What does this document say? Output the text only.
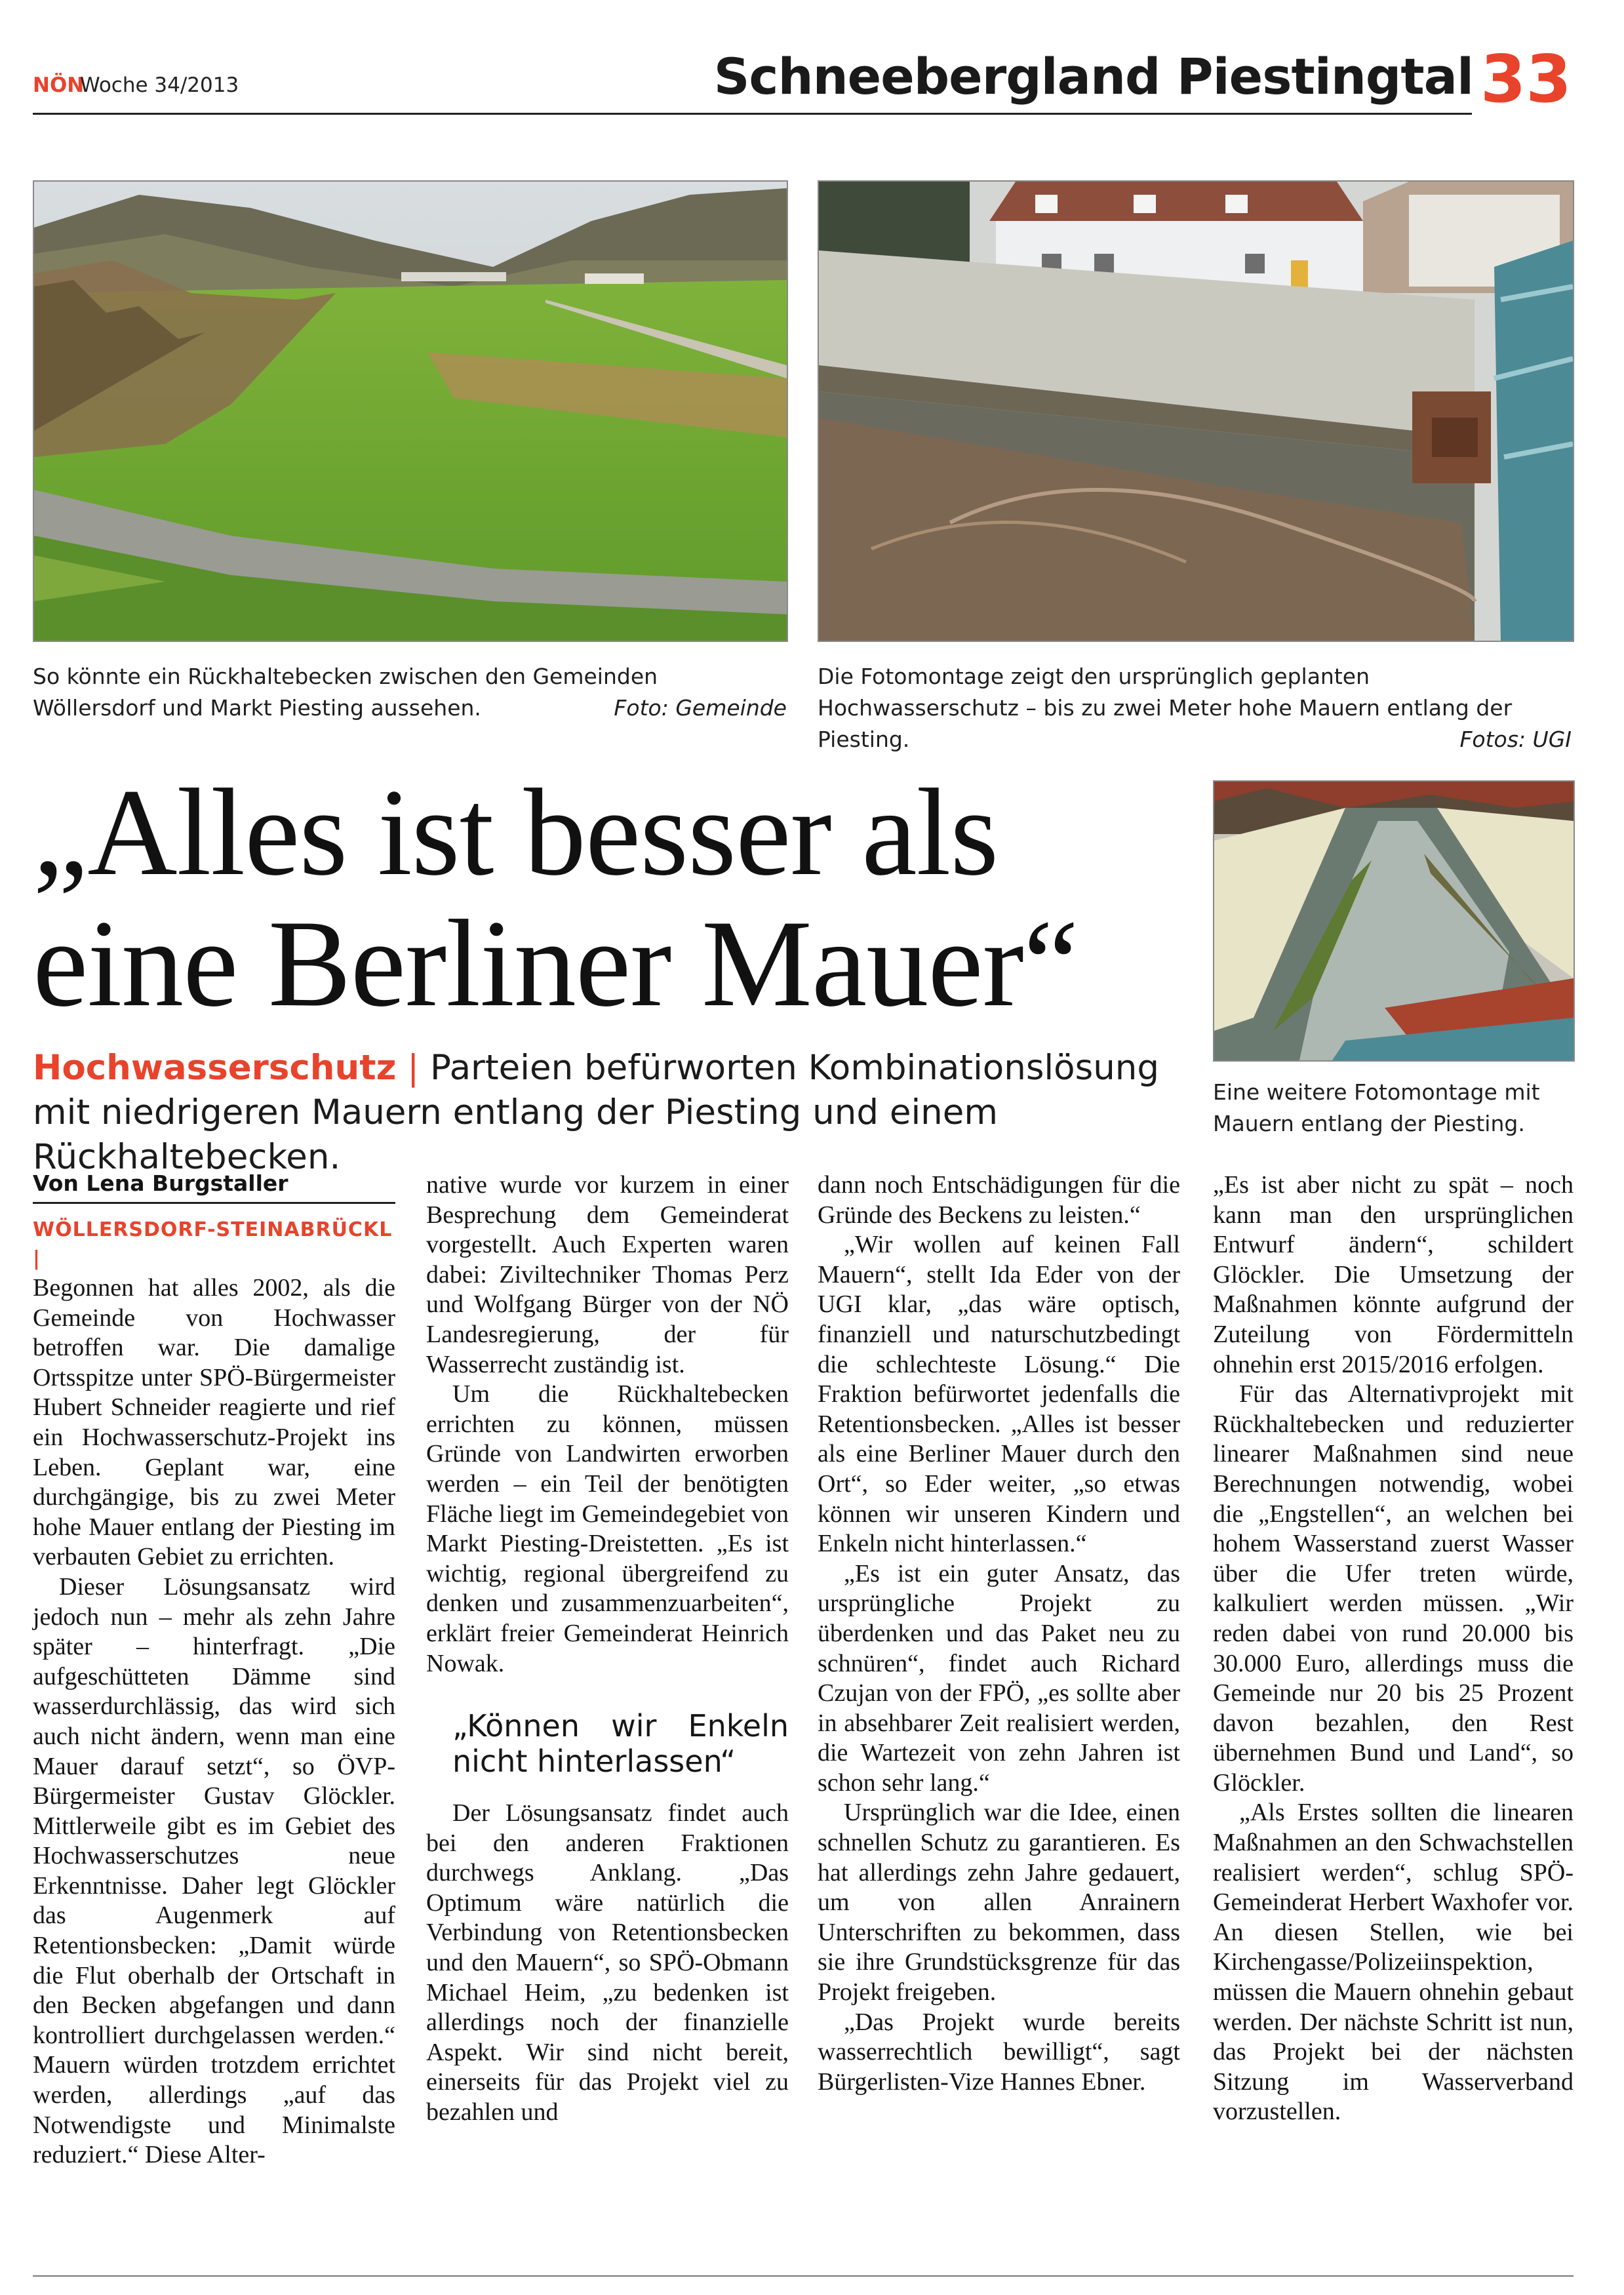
NÖN
Woche 34/2013	Schneebergland Piestingtal 33
So könnte ein Rückhaltebecken zwischen den Gemeinden Wöllersdorf und Markt Piesting aussehen.	Foto: Gemeinde
Die Fotomontage zeigt den ursprünglich geplanten Hochwasserschutz – bis zu zwei Meter hohe Mauern entlang der Piesting.	Fotos: UGI
Eine weitere Fotomontage mit Mauern entlang der Piesting.
„Alles ist besser als eine Berliner Mauer“
Hochwasserschutz | Parteien befürworten Kombinationslösung mit niedrigeren Mauern entlang der Piesting und einem Rückhaltebecken.
Von Lena Burgstaller
WÖLLERSDORF-STEINABRÜCKL |

Begonnen hat alles 2002, als die Gemeinde von Hochwasser betroffen war. Die damalige Ortsspitze unter SPÖ-Bürgermeister Hubert Schneider reagierte und rief ein Hochwasserschutz-Projekt ins Leben. Geplant war, eine durchgängige, bis zu zwei Meter hohe Mauer entlang der Piesting im verbauten Gebiet zu errichten.

Dieser Lösungsansatz wird jedoch nun – mehr als zehn Jahre später – hinterfragt. „Die aufgeschütteten Dämme sind wasserdurchlässig, das wird sich auch nicht ändern, wenn man eine Mauer darauf setzt“, so ÖVP-Bürgermeister Gustav Glöckler. Mittlerweile gibt es im Gebiet des Hochwasserschutzes neue Erkenntnisse. Daher legt Glöckler das Augenmerk auf Retentionsbecken: „Damit würde die Flut oberhalb der Ortschaft in den Becken abgefangen und dann kontrolliert durchgelassen werden.“ Mauern würden trotzdem errichtet werden, allerdings „auf das Notwendigste und Minimalste reduziert.“ Diese Alter-

native wurde vor kurzem in einer Besprechung dem Gemeinderat vorgestellt. Auch Experten waren dabei: Ziviltechniker Thomas Perz und Wolfgang Bürger von der NÖ Landesregierung, der für Wasserrecht zuständig ist.

Um die Rückhaltebecken errichten zu können, müssen Gründe von Landwirten erworben werden – ein Teil der benötigten Fläche liegt im Gemeindegebiet von Markt Piesting-Dreistetten. „Es ist wichtig, regional übergreifend zu denken und zusammenzuarbeiten“, erklärt freier Gemeinderat Heinrich Nowak.

„Können wir Enkeln nicht hinterlassen“

Der Lösungsansatz findet auch bei den anderen Fraktionen durchwegs Anklang. „Das Optimum wäre natürlich die Verbindung von Retentionsbecken und den Mauern“, so SPÖ-Obmann Michael Heim, „zu bedenken ist allerdings noch der finanzielle Aspekt. Wir sind nicht bereit, einerseits für das Projekt viel zu bezahlen und

dann noch Entschädigungen für die Gründe des Beckens zu leisten.“

„Wir wollen auf keinen Fall Mauern“, stellt Ida Eder von der UGI klar, „das wäre optisch, finanziell und naturschutzbedingt die schlechteste Lösung.“ Die Fraktion befürwortet jedenfalls die Retentionsbecken. „Alles ist besser als eine Berliner Mauer durch den Ort“, so Eder weiter, „so etwas können wir unseren Kindern und Enkeln nicht hinterlassen.“

„Es ist ein guter Ansatz, das ursprüngliche Projekt zu überdenken und das Paket neu zu schnüren“, findet auch Richard Czujan von der FPÖ, „es sollte aber in absehbarer Zeit realisiert werden, die Wartezeit von zehn Jahren ist schon sehr lang.“

Ursprünglich war die Idee, einen schnellen Schutz zu garantieren. Es hat allerdings zehn Jahre gedauert, um von allen Anrainern Unterschriften zu bekommen, dass sie ihre Grundstücksgrenze für das Projekt freigeben.

„Das Projekt wurde bereits wasserrechtlich bewilligt“, sagt Bürgerlisten-Vize Hannes Ebner.

„Es ist aber nicht zu spät – noch kann man den ursprünglichen Entwurf ändern“, schildert Glöckler. Die Umsetzung der Maßnahmen könnte aufgrund der Zuteilung von Fördermitteln ohnehin erst 2015/2016 erfolgen.

Für das Alternativprojekt mit Rückhaltebecken und reduzierter linearer Maßnahmen sind neue Berechnungen notwendig, wobei die „Engstellen“, an welchen bei hohem Wasserstand zuerst Wasser über die Ufer treten würde, kalkuliert werden müssen. „Wir reden dabei von rund 20.000 bis 30.000 Euro, allerdings muss die Gemeinde nur 20 bis 25 Prozent davon bezahlen, den Rest übernehmen Bund und Land“, so Glöckler.

„Als Erstes sollten die linearen Maßnahmen an den Schwachstellen realisiert werden“, schlug SPÖ-Gemeinderat Herbert Waxhofer vor. An diesen Stellen, wie bei Kirchengasse/Polizeiinspektion, müssen die Mauern ohnehin gebaut werden. Der nächste Schritt ist nun, das Projekt bei der nächsten Sitzung im Wasserverband vorzustellen.
